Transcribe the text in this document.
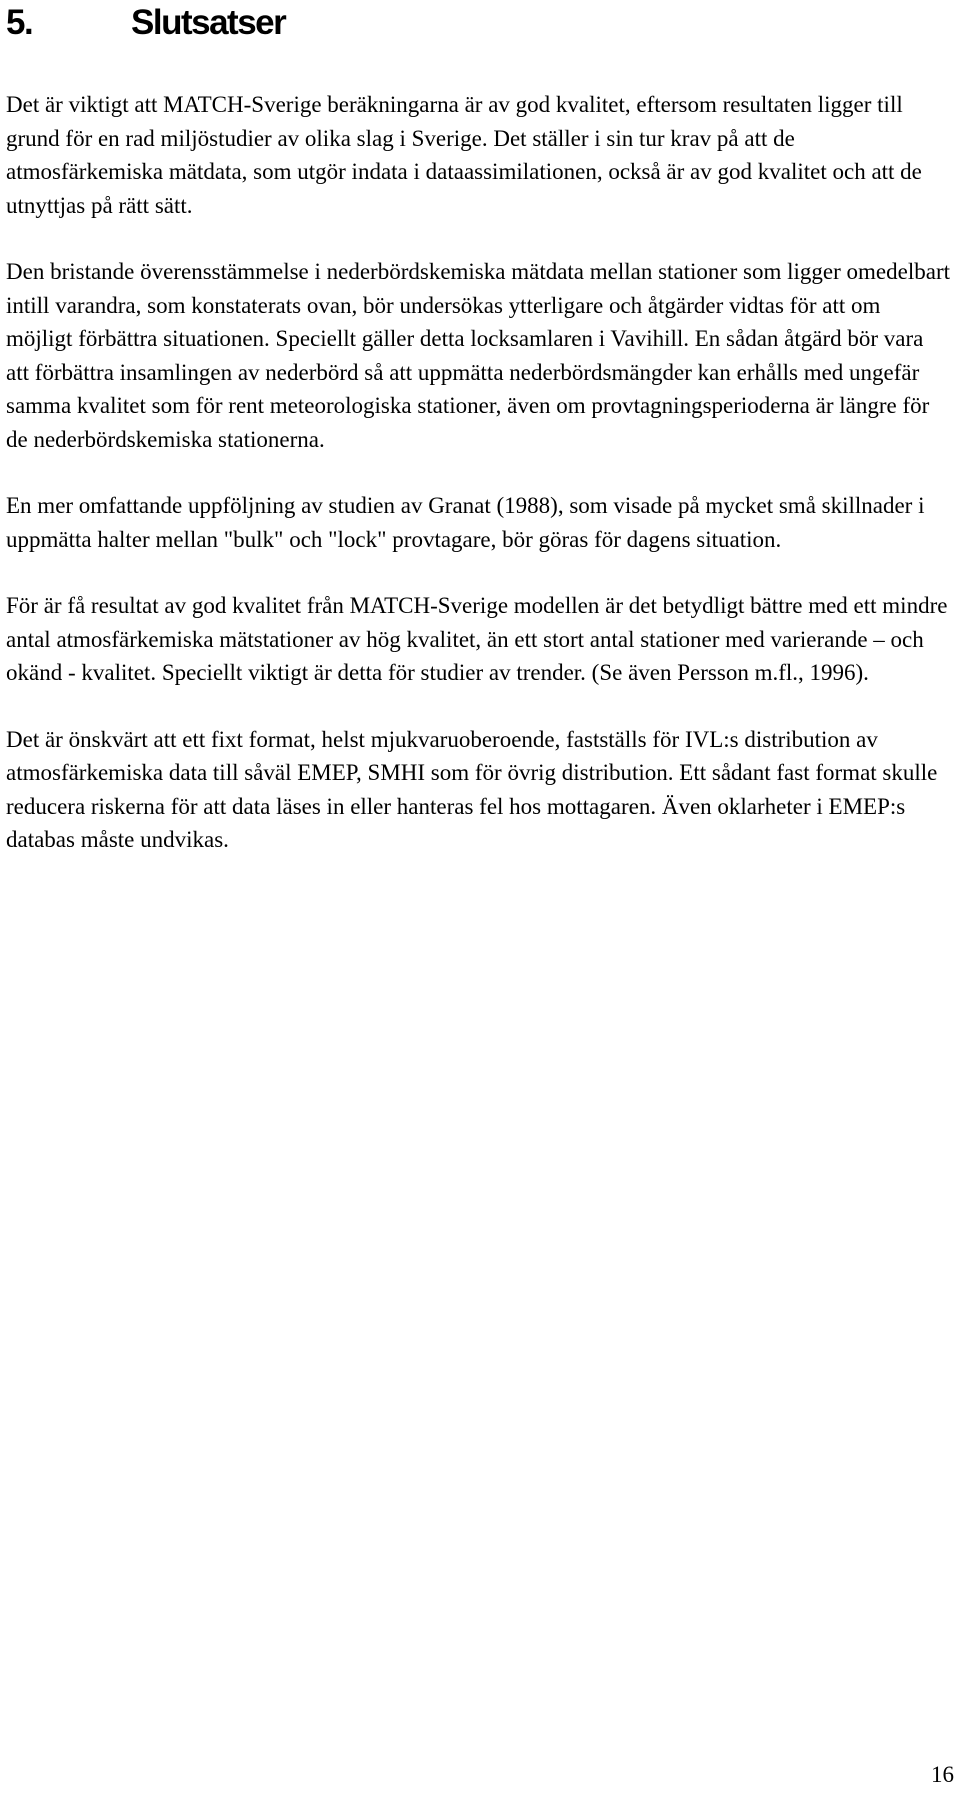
5.	Slutsatser

Det är viktigt att MATCH-Sverige beräkningarna är av god kvalitet, eftersom resultaten ligger till grund för en rad miljöstudier av olika slag i Sverige. Det ställer i sin tur krav på att de atmosfärkemiska mätdata, som utgör indata i dataassimilationen, också är av god kvalitet och att de utnyttjas på rätt sätt.

Den bristande överensstämmelse i nederbördskemiska mätdata mellan stationer som ligger omedelbart intill varandra, som konstaterats ovan, bör undersökas ytterligare och åtgärder vidtas för att om möjligt förbättra situationen. Speciellt gäller detta locksamlaren i Vavihill. En sådan åtgärd bör vara att förbättra insamlingen av nederbörd så att uppmätta nederbördsmängder kan erhålls med ungefär samma kvalitet som för rent meteorologiska stationer, även om provtagningsperioderna är längre för de nederbördskemiska stationerna.

En mer omfattande uppföljning av studien av Granat (1988), som visade på mycket små skillnader i uppmätta halter mellan "bulk" och "lock" provtagare, bör göras för dagens situation.

För är få resultat av god kvalitet från MATCH-Sverige modellen är det betydligt bättre med ett mindre antal atmosfärkemiska mätstationer av hög kvalitet, än ett stort antal stationer med varierande – och okänd - kvalitet. Speciellt viktigt är detta för studier av trender. (Se även Persson m.fl., 1996).

Det är önskvärt att ett fixt format, helst mjukvaruoberoende, fastställs för IVL:s distribution av atmosfärkemiska data till såväl EMEP, SMHI som för övrig distribution. Ett sådant fast format skulle reducera riskerna för att data läses in eller hanteras fel hos mottagaren. Även oklarheter i EMEP:s databas måste undvikas.

16
